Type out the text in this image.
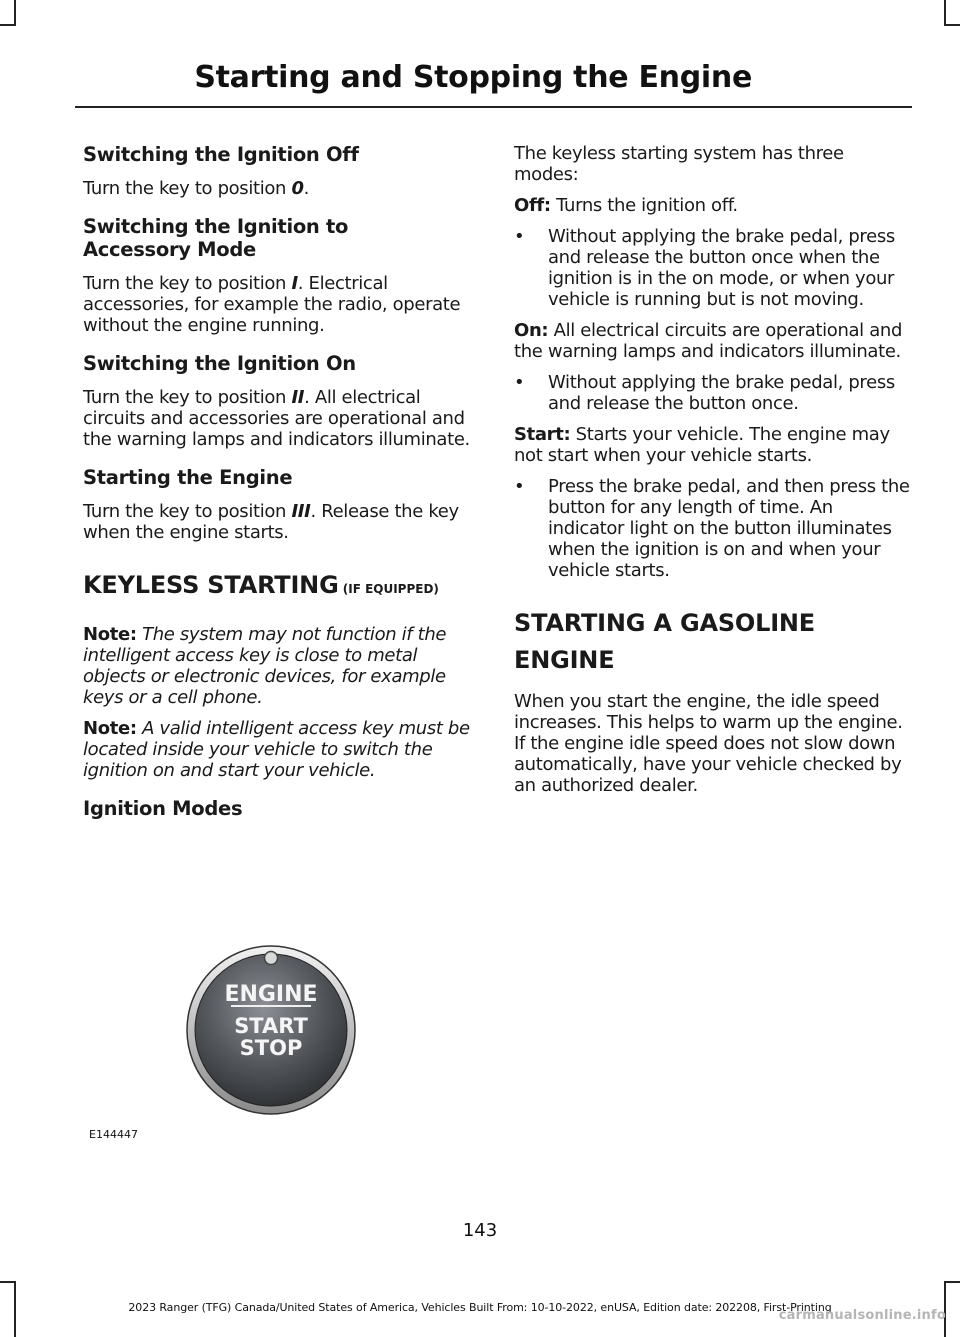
Starting and Stopping the Engine
Switching the Ignition Off

Turn the key to position 0.

Switching the Ignition to
Accessory Mode

Turn the key to position I. Electrical accessories, for example the radio, operate without the engine running.

Switching the Ignition On

Turn the key to position II. All electrical circuits and accessories are operational and the warning lamps and indicators illuminate.

Starting the Engine

Turn the key to position III. Release the key when the engine starts.

KEYLESS STARTING (IF EQUIPPED)

Note: The system may not function if the intelligent access key is close to metal objects or electronic devices, for example keys or a cell phone.

Note: A valid intelligent access key must be located inside your vehicle to switch the ignition on and start your vehicle.

Ignition Modes

The keyless starting system has three modes:

Off: Turns the ignition off.

• Without applying the brake pedal, press and release the button once when the ignition is in the on mode, or when your vehicle is running but is not moving.

On: All electrical circuits are operational and the warning lamps and indicators illuminate.

• Without applying the brake pedal, press and release the button once.

Start: Starts your vehicle. The engine may not start when your vehicle starts.

• Press the brake pedal, and then press the button for any length of time. An indicator light on the button illuminates when the ignition is on and when your vehicle starts.
STARTING A GASOLINE
ENGINE

When you start the engine, the idle speed increases. This helps to warm up the engine. If the engine idle speed does not slow down automatically, have your vehicle checked by an authorized dealer.

ENGINE
START
STOP
E144447
143
2023 Ranger (TFG) Canada/United States of America, Vehicles Built From: 10-10-2022, enUSA, Edition date: 202208, First-Printing
carmanualsonline.info
